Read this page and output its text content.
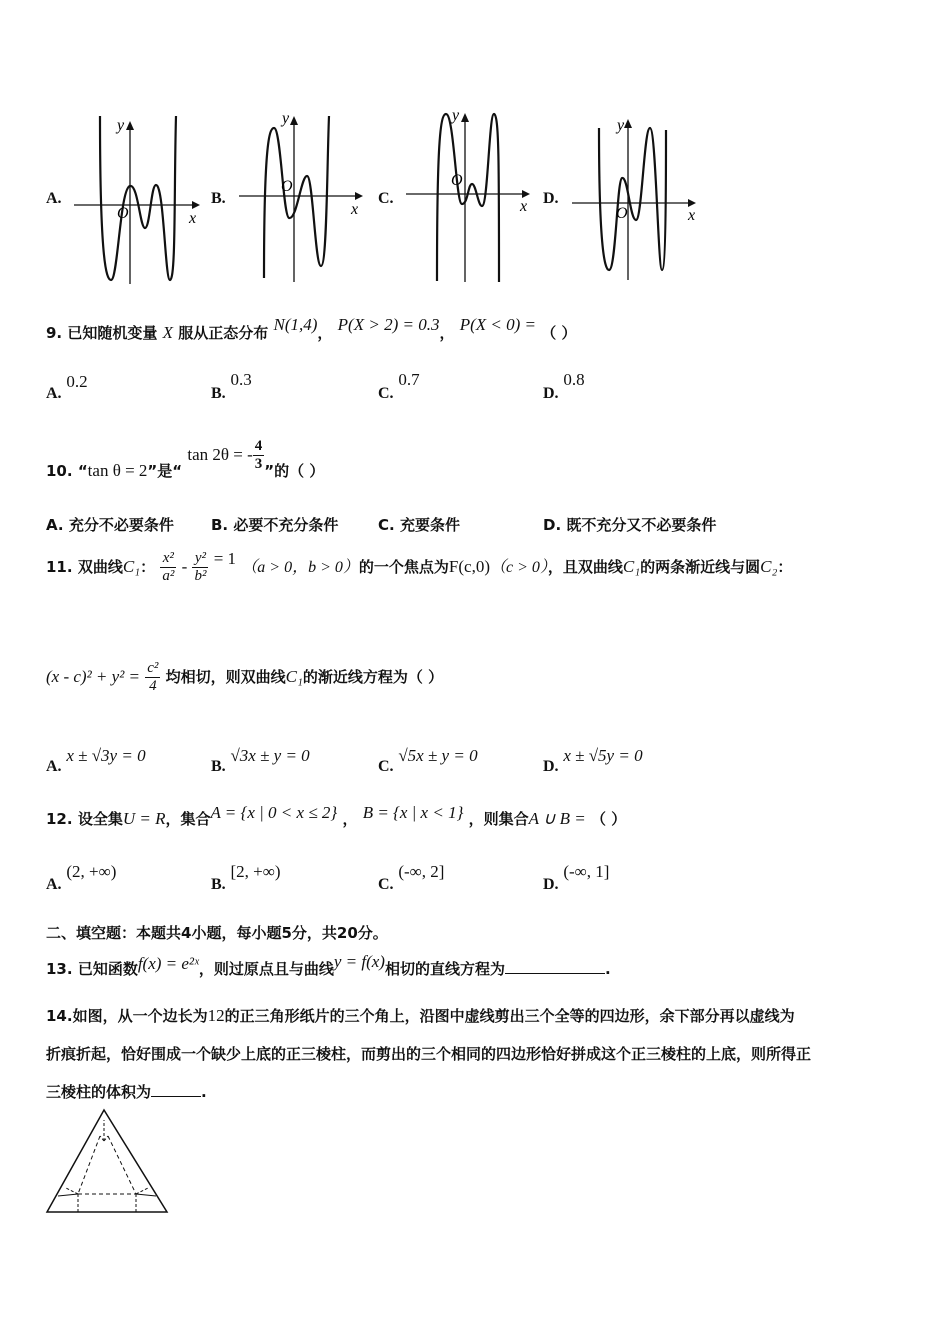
A.	B.	C.	D.
y
x
O
y
x
O
y
x
O
y
x
O
9. 已知随机变量 X 服从正态分布 N(1,4)， P(X > 2) = 0.3， P(X < 0) = （ ）
A. 0.2
B. 0.3
C. 0.7
D. 0.8
10. “tan θ = 2”是“ tan 2θ = - $\frac{4}{3}$ ”的（ ）
A. 充分不必要条件 B. 必要不充分条件	C. 充要条件	D. 既不充分又不必要条件
11. 双曲线C₁： $\frac{\text{x²}}{\text{a²}} - \frac{\text{y²}}{\text{b²}} = 1$ （a > 0，b > 0）的一个焦点为F(c,0)（c > 0），且双曲线C₁的两条渐近线与圆C₂：
$(x - c)^2 + y^2 = \frac{\text{c²}}{4}$ 均相切，则双曲线C₁的渐近线方程为（ ）
A. x ± √3y = 0
B. √3x ± y = 0
C. √5x ± y = 0
D. x ± √5y = 0
12. 设全集U = R，集合A = {x | 0 < x ≤ 2} ， B = {x | x < 1} ，则集合A ∪ B = （ ）
A. (2, +∞)
B. [2, +∞)
C. (-∞, 2]
D. (-∞, 1]
二、填空题：本题共4小题，每小题5分，共20分。
13. 已知函数f(x) = e²ˣ，则过原点且与曲线y = f(x)相切的直线方程为	.
14.如图，从一个边长为12的正三角形纸片的三个角上，沿图中虚线剪出三个全等的四边形，余下部分再以虚线为
折痕折起，恰好围成一个缺少上底的正三棱柱，而剪出的三个相同的四边形恰好拼成这个正三棱柱的上底，则所得正
三棱柱的体积为	.
